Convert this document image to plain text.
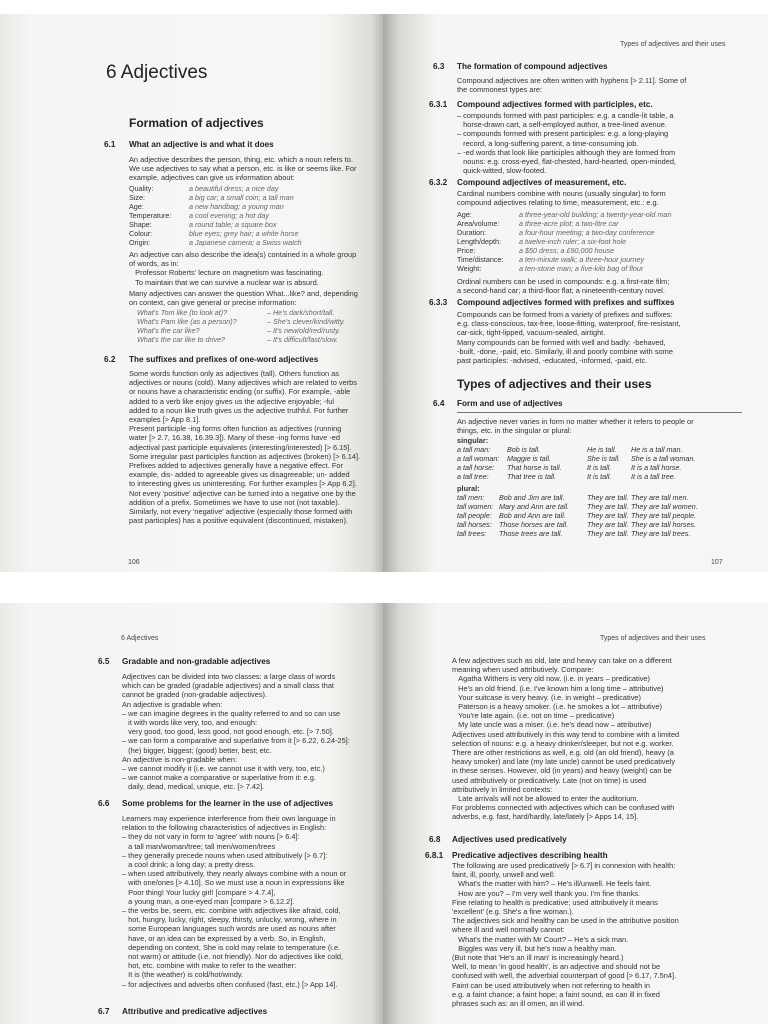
6 Adjectives
Formation of adjectives
6.1 What an adjective is and what it does
An adjective describes the person, thing, etc. which a noun refers to.
We use adjectives to say what a person, etc. is like or seems like. For
example, adjectives can give us information about:
Quality:	a beautiful dress; a nice day
Size:	a big car; a small coin; a tall man
Age:	a new handbag; a young man
Temperature:	a cool evening; a hot day
Shape:	a round table; a square box
Colour:	blue eyes; grey hair; a white horse
Origin:	a Japanese camera; a Swiss watch
An adjective can also describe the idea(s) contained in a whole group
of words, as in:
Professor Roberts' lecture on magnetism was fascinating.
To maintain that we can survive a nuclear war is absurd.
Many adjectives can answer the question What...like? and, depending
on context, can give general or precise information:
What's Tom like (to look at)?	– He's dark/short/tall.
What's Pam like (as a person)?	– She's clever/kind/witty.
What's the car like?	– It's new/old/red/rusty.
What's the car like to drive?	– It's difficult/fast/slow.
6.2 The suffixes and prefixes of one-word adjectives
Some words function only as adjectives (tall). Others function as
adjectives or nouns (cold). Many adjectives which are related to verbs
or nouns have a characteristic ending (or suffix). For example, -able
added to a verb like enjoy gives us the adjective enjoyable; -ful
added to a noun like truth gives us the adjective truthful. For further
examples [> App 8.1].
Present participle -ing forms often function as adjectives (running
water [> 2.7, 16.38, 16.39.3]). Many of these -ing forms have -ed
adjectival past participle equivalents (interesting/interested) [> 6.15].
Some irregular past participles function as adjectives (broken) [> 6.14].
Prefixes added to adjectives generally have a negative effect. For
example, dis- added to agreeable gives us disagreeable; un- added
to interesting gives us uninteresting. For further examples [> App 6.2].
Not every 'positive' adjective can be turned into a negative one by the
addition of a prefix. Sometimes we have to use not (not taxable).
Similarly, not every 'negative' adjective (especially those formed with
past participles) has a positive equivalent (discontinued, mistaken).
106
Types of adjectives and their uses
6.3 The formation of compound adjectives
Compound adjectives are often written with hyphens [> 2.11]. Some of
the commonest types are:
6.3.1 Compound adjectives formed with participles, etc.
– compounds formed with past participles: e.g. a candle-lit table, a
horse-drawn cart, a self-employed author, a tree-lined avenue.
– compounds formed with present participles: e.g. a long-playing
record, a long-suffering parent, a time-consuming job.
– -ed words that look like participles although they are formed from
nouns: e.g. cross-eyed, flat-chested, hard-hearted, open-minded,
quick-witted, slow-footed.
6.3.2 Compound adjectives of measurement, etc.
Cardinal numbers combine with nouns (usually singular) to form
compound adjectives relating to time, measurement, etc.: e.g.
Age:	a three-year-old building; a twenty-year-old man
Area/volume:	a three-acre plot; a two-litre car
Duration:	a four-hour meeting; a two-day conference
Length/depth:	a twelve-inch ruler; a six-foot hole
Price:	a $50 dress; a £90,000 house
Time/distance:	a ten-minute walk; a three-hour journey
Weight:	a ten-stone man; a five-kilo bag of flour
Ordinal numbers can be used in compounds: e.g. a first-rate film;
a second-hand car; a third-floor flat; a nineteenth-century novel.
6.3.3 Compound adjectives formed with prefixes and suffixes
Compounds can be formed from a variety of prefixes and suffixes:
e.g. class-conscious, tax-free, loose-fitting, waterproof, fire-resistant,
car-sick, tight-lipped, vacuum-sealed, airtight.
Many compounds can be formed with well and badly: -behaved,
-built, -done, -paid, etc. Similarly, ill and poorly combine with some
past participles: -advised, -educated, -informed, -paid, etc.
Types of adjectives and their uses
6.4 Form and use of adjectives
An adjective never varies in form no matter whether it refers to people or
things, etc. in the singular or plural:
singular:
a tall man:	Bob is tall.	He is tall.	He is a tall man.
a tall woman:	Maggie is tall.	She is tall.	She is a tall woman.
a tall horse:	That horse is tall.	It is tall.	It is a tall horse.
a tall tree:	That tree is tall.	It is tall.	It is a tall tree.
plural:
tall men:	Bob and Jim are tall.	They are tall. They are tall men.
tall women: Mary and Ann are tall.	They are tall. They are tall women.
tall people:	Bob and Ann are tall.	They are tall. They are tall people.
tall horses:	Those horses are tall.	They are tall. They are tall horses.
tall trees:	Those trees are tall.	They are tall. They are tall trees.
107
6 Adjectives
6.5 Gradable and non-gradable adjectives
Adjectives can be divided into two classes: a large class of words
which can be graded (gradable adjectives) and a small class that
cannot be graded (non-gradable adjectives).
An adjective is gradable when:
– we can imagine degrees in the quality referred to and so can use
it with words like very, too, and enough:
very good, too good, less good, not good enough, etc. [> 7.50].
– we can form a comparative and superlative from it [> 6.22, 6.24-25]:
(he) bigger, biggest; (good) better, best; etc.
An adjective is non-gradable when:
– we cannot modify it (i.e. we cannot use it with very, too, etc.)
– we cannot make a comparative or superlative from it: e.g.
daily, dead, medical, unique, etc. [> 7.42].
6.6 Some problems for the learner in the use of adjectives
Learners may experience interference from their own language in
relation to the following characteristics of adjectives in English:
– they do not vary in form to 'agree' with nouns [> 6.4]:
a tall man/woman/tree; tall men/women/trees
– they generally precede nouns when used attributively [> 6.7]:
a cool drink; a long day; a pretty dress.
– when used attributively, they nearly always combine with a noun or
with one/ones [> 4.10]. So we must use a noun in expressions like
Poor thing! Your lucky girl! [compare > 4.7.4],
a young man, a one-eyed man [compare > 6.12.2].
– the verbs be, seem, etc. combine with adjectives like afraid, cold,
hot, hungry, lucky, right, sleepy, thirsty, unlucky, wrong, where in
some European languages such words are used as nouns after
have, or an idea can be expressed by a verb. So, in English,
depending on context, She is cold may relate to temperature (i.e.
not warm) or attitude (i.e. not friendly). Nor do adjectives like cold,
hot, etc. combine with make to refer to the weather:
It is (the weather) is cold/hot/windy.
– for adjectives and adverbs often confused (fast, etc.) [> App 14].
6.7 Attributive and predicative adjectives
Types of adjectives and their uses
A few adjectives such as old, late and heavy can take on a different
meaning when used attributively. Compare:
Agatha Withers is very old now. (i.e. in years – predicative)
He's an old friend. (i.e. I've known him a long time – attributive)
Your suitcase is very heavy. (i.e. in weight – predicative)
Paterson is a heavy smoker. (i.e. he smokes a lot – attributive)
You're late again. (i.e. not on time – predicative)
My late uncle was a miser. (i.e. he's dead now – attributive)
Adjectives used attributively in this way tend to combine with a limited
selection of nouns: e.g. a heavy drinker/sleeper, but not e.g. worker.
There are other restrictions as well, e.g. old (an old friend), heavy (a
heavy smoker) and late (my late uncle) cannot be used predicatively
in these senses. However, old (in years) and heavy (weight) can be
used attributively or predicatively. Late (not on time) is used
attributively in limited contexts:
Late arrivals will not be allowed to enter the auditorium.
For problems connected with adjectives which can be confused with
adverbs, e.g. fast, hard/hardly, late/lately [> Apps 14, 15].
6.8 Adjectives used predicatively
6.8.1 Predicative adjectives describing health
The following are used predicatively [> 6.7] in connexion with health:
faint, ill, poorly, unwell and well:
What's the matter with him? – He's ill/unwell. He feels faint.
How are you? – I'm very well thank you. I'm fine thanks.
Fine relating to health is predicative; used attributively it means
'excellent' (e.g. She's a fine woman.).
The adjectives sick and healthy can be used in the attributive position
where ill and well normally cannot:
What's the matter with Mr Court? – He's a sick man.
Biggles was very ill, but he's now a healthy man.
(But note that 'He's an ill man' is increasingly heard.)
Well, to mean 'in good health', is an adjective and should not be
confused with well, the adverbial counterpart of good [> 6.17, 7.5n4].
Faint can be used attributively when not referring to health in
e.g. a faint chance; a faint hope; a faint sound, as can ill in fixed
phrases such as: an ill omen, an ill wind.
